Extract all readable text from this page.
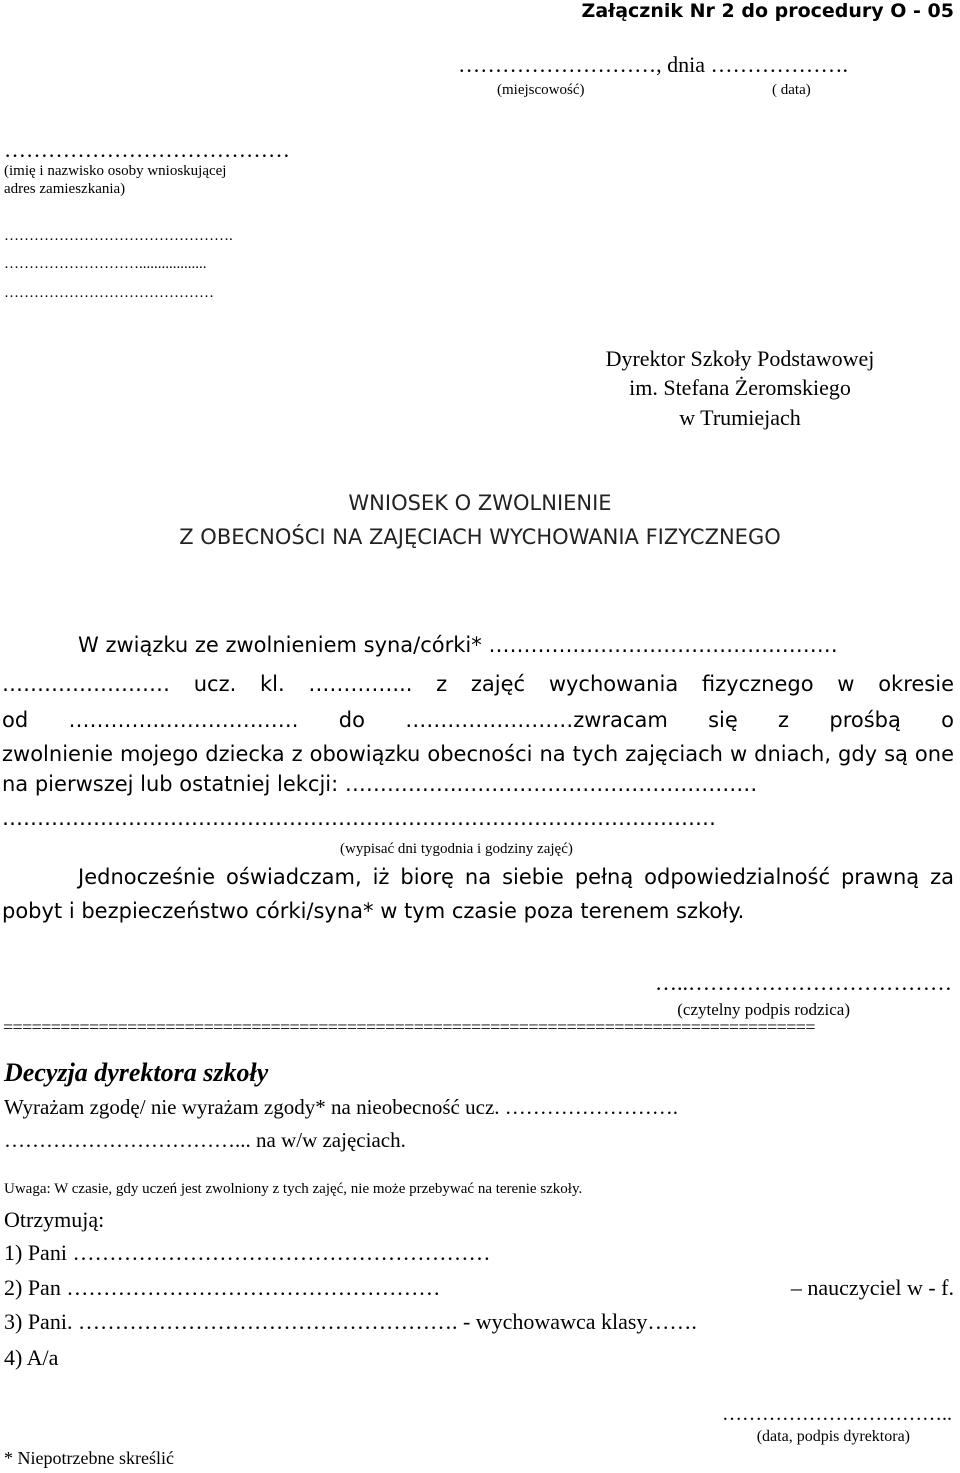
Załącznik Nr 2 do procedury O - 05
………………………, dnia ……………….
(miejscowość)	( data)
…………………………………
(imię i nazwisko osoby wnioskującej
adres zamieszkania)
……………………………………….
………………………..................
……………………………………
Dyrektor Szkoły Podstawowej
im. Stefana Żeromskiego
w Trumiejach
WNIOSEK O ZWOLNIENIE
Z OBECNOŚCI NA ZAJĘCIACH WYCHOWANIA FIZYCZNEGO
W związku ze zwolnieniem syna/córki* ………….……………………….………
…………………… ucz. kl. …………... z zajęć wychowania fizycznego w okresie
od …………..………………. do ……………………zwracam się z prośbą o
zwolnienie mojego dziecka z obowiązku obecności na tych zajęciach w dniach, gdy są one
na pierwszej lub ostatniej lekcji: ……………..……………………………………
…………………………………………………………………………………………
(wypisać dni tygodnia i godziny zajęć)
Jednocześnie oświadczam, iż biorę na siebie pełną odpowiedzialność prawną za
pobyt i bezpieczeństwo córki/syna* w tym czasie poza terenem szkoły.
…..………………………………
(czytelny podpis rodzica)
=====================================================================================
Decyzja dyrektora szkoły
Wyrażam zgodę/ nie wyrażam zgody* na nieobecność ucz. …………………….
……………………………... na w/w zajęciach.
Uwaga: W czasie, gdy uczeń jest zwolniony z tych zajęć, nie może przebywać na terenie szkoły.
Otrzymują:
1) Pani …………………………………………………
2) Pan ……………………………………………	– nauczyciel w - f.
3) Pani. ……………………………………………. - wychowawca klasy…….
4) A/a
……………………………..
(data, podpis dyrektora)
* Niepotrzebne skreślić
